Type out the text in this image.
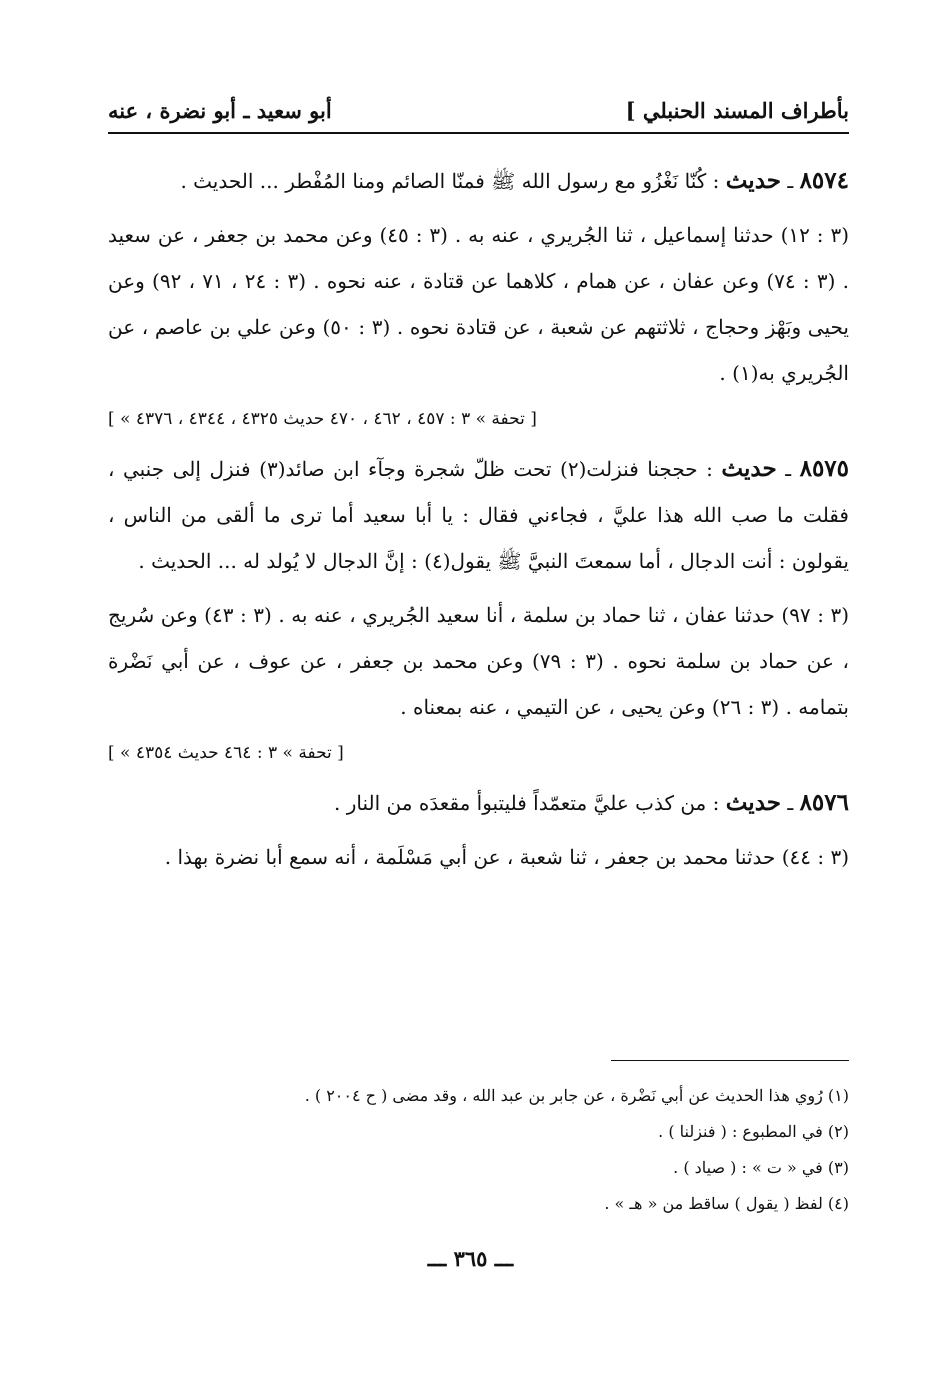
بأطراف المسند الحنبلي ]
أبو سعيد ـ أبو نضرة ، عنه

٨٥٧٤ ـ حديث : كُنّا نَغْزُو مع رسول الله ﷺ فمنّا الصائم ومنا المُفْطر ... الحديث .

(٣ : ١٢) حدثنا إسماعيل ، ثنا الجُريري ، عنه به . (٣ : ٤٥) وعن محمد بن جعفر ، عن سعيد . (٣ : ٧٤) وعن عفان ، عن همام ، كلاهما عن قتادة ، عنه نحوه . (٣ : ٢٤ ، ٧١ ، ٩٢) وعن يحيى وبَهْز وحجاج ، ثلاثتهم عن شعبة ، عن قتادة نحوه . (٣ : ٥٠) وعن علي بن عاصم ، عن الجُريري به(١) .

[ « تحفة » ٣ : ٤٥٧ ، ٤٦٢ ، ٤٧٠ حديث ٤٣٢٥ ، ٤٣٤٤ ، ٤٣٧٦ ]

٨٥٧٥ ـ حديث : حججنا فنزلت(٢) تحت ظلّ شجرة وجآء ابن صائد(٣) فنزل إلى جنبي ، فقلت ما صب الله هذا عليَّ ، فجاءني فقال : يا أبا سعيد أما ترى ما ألقى من الناس ، يقولون : أنت الدجال ، أما سمعتَ النبيَّ ﷺ يقول(٤) : إنَّ الدجال لا يُولد له ... الحديث .

(٣ : ٩٧) حدثنا عفان ، ثنا حماد بن سلمة ، أنا سعيد الجُريري ، عنه به . (٣ : ٤٣) وعن سُريج ، عن حماد بن سلمة نحوه . (٣ : ٧٩) وعن محمد بن جعفر ، عن عوف ، عن أبي نَضْرة بتمامه . (٣ : ٢٦) وعن يحيى ، عن التيمي ، عنه بمعناه .

[ « تحفة » ٣ : ٤٦٤ حديث ٤٣٥٤ ]

٨٥٧٦ ـ حديث : من كذب عليَّ متعمّداً فليتبوأ مقعدَه من النار .

(٣ : ٤٤) حدثنا محمد بن جعفر ، ثنا شعبة ، عن أبي مَسْلَمة ، أنه سمع أبا نضرة بهذا .

(١) رُوي هذا الحديث عن أبي نَضْرة ، عن جابر بن عبد الله ، وقد مضى ( ح ٢٠٠٤ ) .

(٢) في المطبوع : ( فنزلنا ) .

(٣) في « ت » : ( صياد ) .

(٤) لفظ ( يقول ) ساقط من « هـ » .

ـــ ٣٦٥ ـــ
